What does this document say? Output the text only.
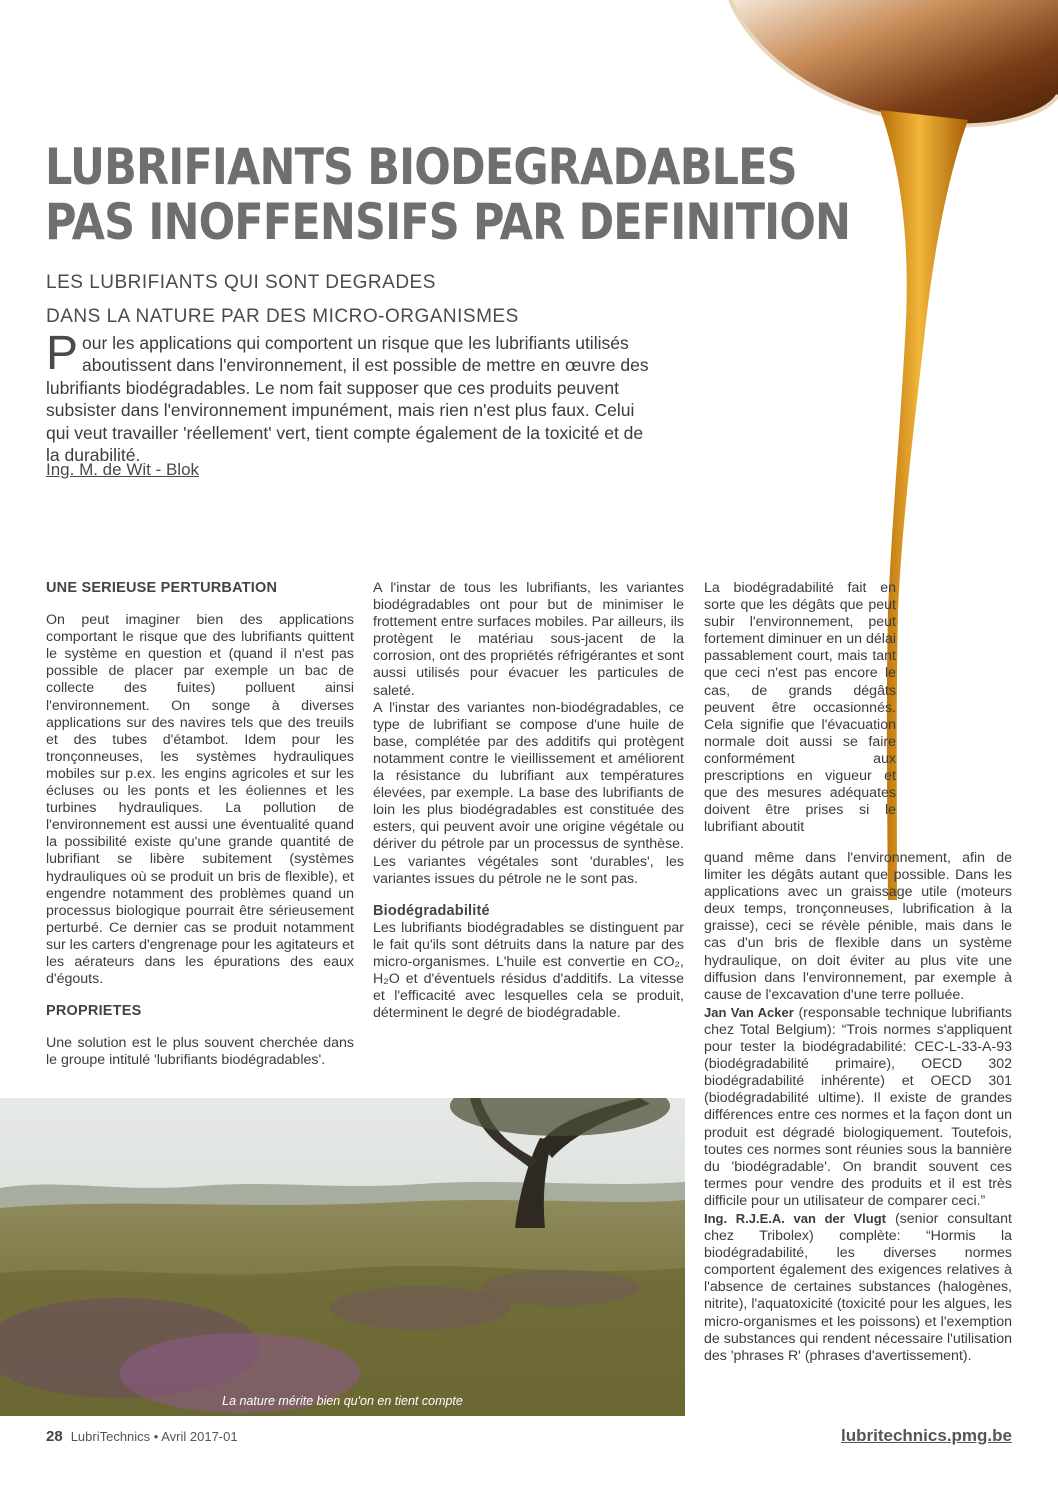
LUBRIFIANTS BIODEGRADABLES
PAS INOFFENSIFS PAR DEFINITION
LES LUBRIFIANTS QUI SONT DEGRADES
DANS LA NATURE PAR DES MICRO-ORGANISMES

Pour les applications qui comportent un risque que les lubrifiants utilisés aboutissent dans l'environnement, il est possible de mettre en œuvre des lubrifiants biodégradables. Le nom fait supposer que ces produits peuvent subsister dans l'environnement impunément, mais rien n'est plus faux. Celui qui veut travailler 'réellement' vert, tient compte également de la toxicité et de la durabilité.

Ing. M. de Wit - Blok
UNE SERIEUSE PERTURBATION

On peut imaginer bien des applications comportant le risque que des lubrifiants quittent le système en question et (quand il n'est pas possible de placer par exemple un bac de collecte des fuites) polluent ainsi l'environnement. On songe à diverses applications sur des navires tels que des treuils et des tubes d'étambot. Idem pour les tronçonneuses, les systèmes hydrauliques mobiles sur p.ex. les engins agricoles et sur les écluses ou les ponts et les éoliennes et les turbines hydrauliques. La pollution de l'environnement est aussi une éventualité quand la possibilité existe qu'une grande quantité de lubrifiant se libère subitement (systèmes hydrauliques où se produit un bris de flexible), et engendre notamment des problèmes quand un processus biologique pourrait être sérieusement perturbé. Ce dernier cas se produit notamment sur les carters d'engrenage pour les agitateurs et les aérateurs dans les épurations des eaux d'égouts.

PROPRIETES

Une solution est le plus souvent cherchée dans le groupe intitulé 'lubrifiants biodégradables'.

A l'instar de tous les lubrifiants, les variantes biodégradables ont pour but de minimiser le frottement entre surfaces mobiles. Par ailleurs, ils protègent le matériau sous-jacent de la corrosion, ont des propriétés réfrigérantes et sont aussi utilisés pour évacuer les particules de saleté.

A l'instar des variantes non-biodégradables, ce type de lubrifiant se compose d'une huile de base, complétée par des additifs qui protègent notamment contre le vieillissement et améliorent la résistance du lubrifiant aux températures élevées, par exemple. La base des lubrifiants de loin les plus biodégradables est constituée des esters, qui peuvent avoir une origine végétale ou dériver du pétrole par un processus de synthèse. Les variantes végétales sont 'durables', les variantes issues du pétrole ne le sont pas.

Biodégradabilité

Les lubrifiants biodégradables se distinguent par le fait qu'ils sont détruits dans la nature par des micro-organismes. L'huile est convertie en CO₂, H₂O et d'éventuels résidus d'additifs. La vitesse et l'efficacité avec lesquelles cela se produit, déterminent le degré de biodégradable.

La biodégradabilité fait en sorte que les dégâts que peut subir l'environnement, peut fortement diminuer en un délai passablement court, mais tant que ceci n'est pas encore le cas, de grands dégâts peuvent être occasionnés. Cela signifie que l'évacuation normale doit aussi se faire conformément aux prescriptions en vigueur et que des mesures adéquates doivent être prises si le lubrifiant aboutit

quand même dans l'environnement, afin de limiter les dégâts autant que possible. Dans les applications avec un graissage utile (moteurs deux temps, tronçonneuses, lubrification à la graisse), ceci se révèle pénible, mais dans le cas d'un bris de flexible dans un système hydraulique, on doit éviter au plus vite une diffusion dans l'environnement, par exemple à cause de l'excavation d'une terre polluée.

Jan Van Acker (responsable technique lubrifiants chez Total Belgium): “Trois normes s'appliquent pour tester la biodégradabilité: CEC-L-33-A-93 (biodégradabilité primaire), OECD 302 biodégradabilité inhérente) et OECD 301 (biodégradabilité ultime). Il existe de grandes différences entre ces normes et la façon dont un produit est dégradé biologiquement. Toutefois, toutes ces normes sont réunies sous la bannière du 'biodégradable'. On brandit souvent ces termes pour vendre des produits et il est très difficile pour un utilisateur de comparer ceci.”

Ing. R.J.E.A. van der Vlugt (senior consultant chez Tribolex) complète: “Hormis la biodégradabilité, les diverses normes comportent également des exigences relatives à l'absence de certaines substances (halogènes, nitrite), l'aquatoxicité (toxicité pour les algues, les micro-organismes et les poissons) et l'exemption de substances qui rendent nécessaire l'utilisation des 'phrases R' (phrases d'avertissement).

La nature mérite bien qu'on en tient compte
28 LubriTechnics • Avril 2017-01	lubritechnics.pmg.be
